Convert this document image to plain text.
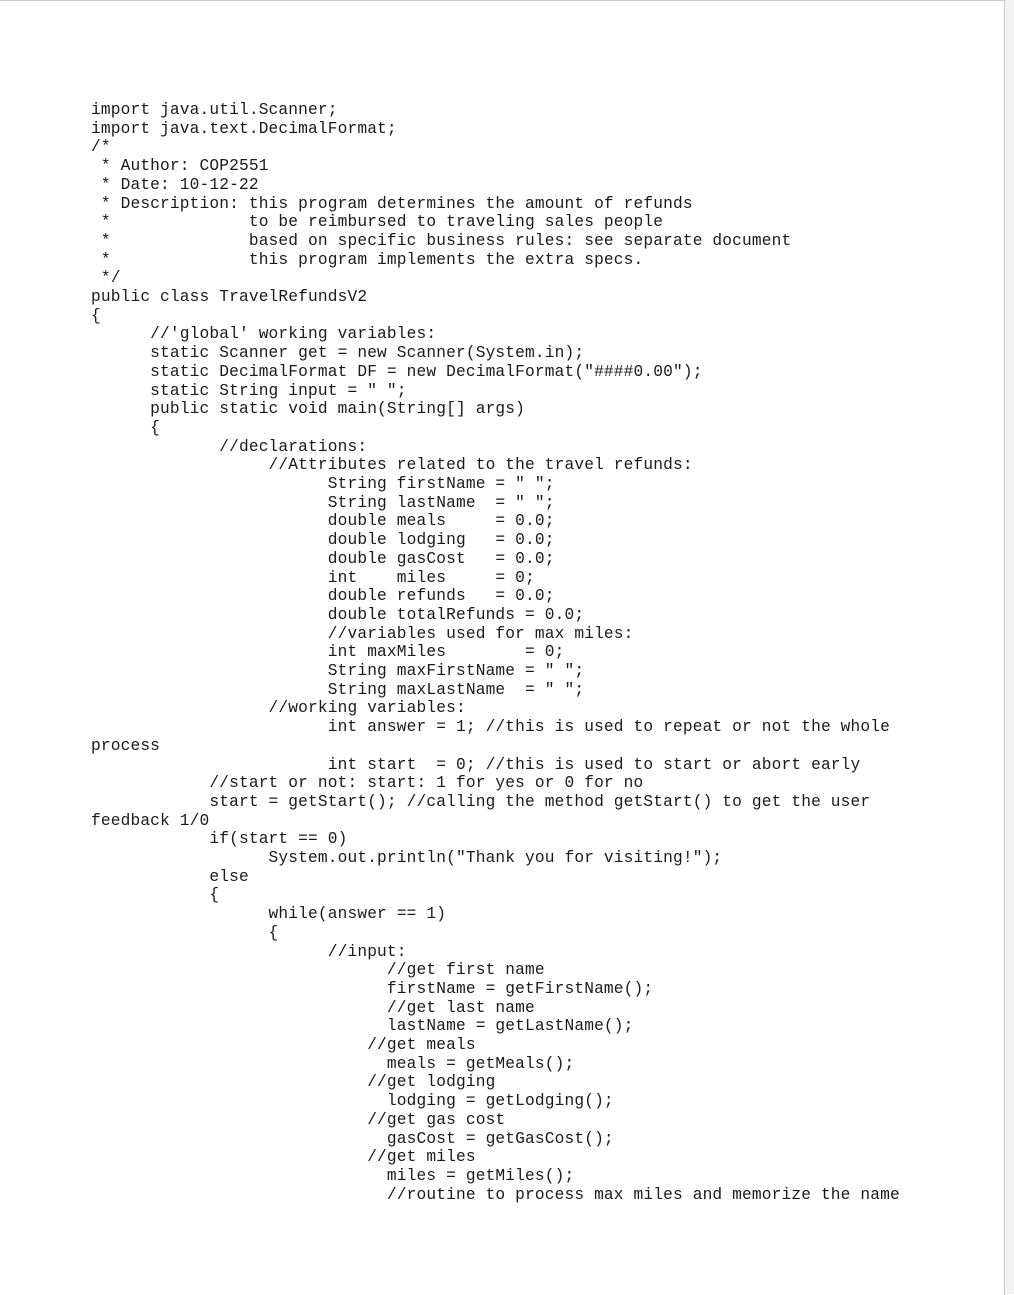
import java.util.Scanner;
import java.text.DecimalFormat;
/*
* Author: COP2551
* Date: 10-12-22
* Description: this program determines the amount of refunds
*              to be reimbursed to traveling sales people
*              based on specific business rules: see separate document
*              this program implements the extra specs.
*/
public class TravelRefundsV2
{
//'global' working variables:
static Scanner get = new Scanner(System.in);
static DecimalFormat DF = new DecimalFormat("####0.00");
static String input = " ";
public static void main(String[] args)
{
//declarations:
//Attributes related to the travel refunds:
String firstName = " ";
String lastName  = " ";
double meals     = 0.0;
double lodging   = 0.0;
double gasCost   = 0.0;
int    miles     = 0;
double refunds   = 0.0;
double totalRefunds = 0.0;
//variables used for max miles:
int maxMiles        = 0;
String maxFirstName = " ";
String maxLastName  = " ";
//working variables:
int answer = 1; //this is used to repeat or not the whole
process
int start  = 0; //this is used to start or abort early
//start or not: start: 1 for yes or 0 for no
start = getStart(); //calling the method getStart() to get the user
feedback 1/0
if(start == 0)
System.out.println("Thank you for visiting!");
else
{
while(answer == 1)
{
//input:
//get first name
firstName = getFirstName();
//get last name
lastName = getLastName();
//get meals
meals = getMeals();
//get lodging
lodging = getLodging();
//get gas cost
gasCost = getGasCost();
//get miles
miles = getMiles();
//routine to process max miles and memorize the name
